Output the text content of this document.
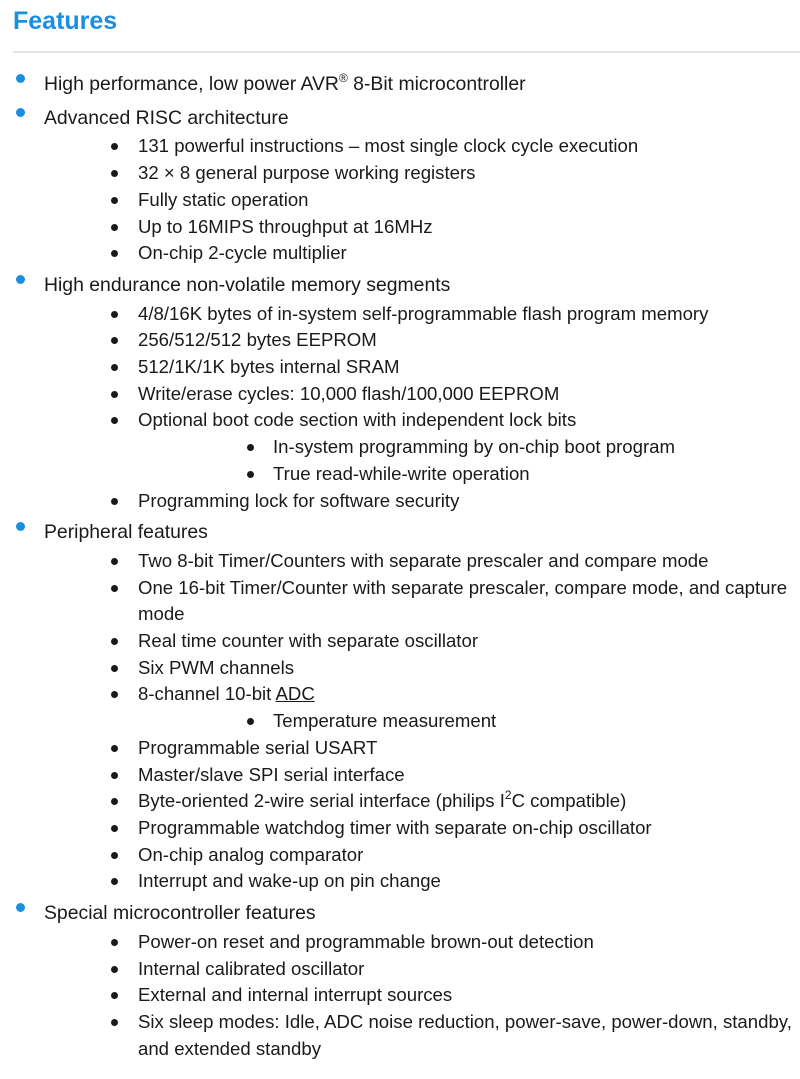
Features
High performance, low power AVR® 8-Bit microcontroller
Advanced RISC architecture
131 powerful instructions – most single clock cycle execution
32 × 8 general purpose working registers
Fully static operation
Up to 16MIPS throughput at 16MHz
On-chip 2-cycle multiplier
High endurance non-volatile memory segments
4/8/16K bytes of in-system self-programmable flash program memory
256/512/512 bytes EEPROM
512/1K/1K bytes internal SRAM
Write/erase cycles: 10,000 flash/100,000 EEPROM
Optional boot code section with independent lock bits
In-system programming by on-chip boot program
True read-while-write operation
Programming lock for software security
Peripheral features
Two 8-bit Timer/Counters with separate prescaler and compare mode
One 16-bit Timer/Counter with separate prescaler, compare mode, and capture mode
Real time counter with separate oscillator
Six PWM channels
8-channel 10-bit ADC
Temperature measurement
Programmable serial USART
Master/slave SPI serial interface
Byte-oriented 2-wire serial interface (philips $I^2C$ compatible)
Programmable watchdog timer with separate on-chip oscillator
On-chip analog comparator
Interrupt and wake-up on pin change
Special microcontroller features
Power-on reset and programmable brown-out detection
Internal calibrated oscillator
External and internal interrupt sources
Six sleep modes: Idle, ADC noise reduction, power-save, power-down, standby, and extended standby
